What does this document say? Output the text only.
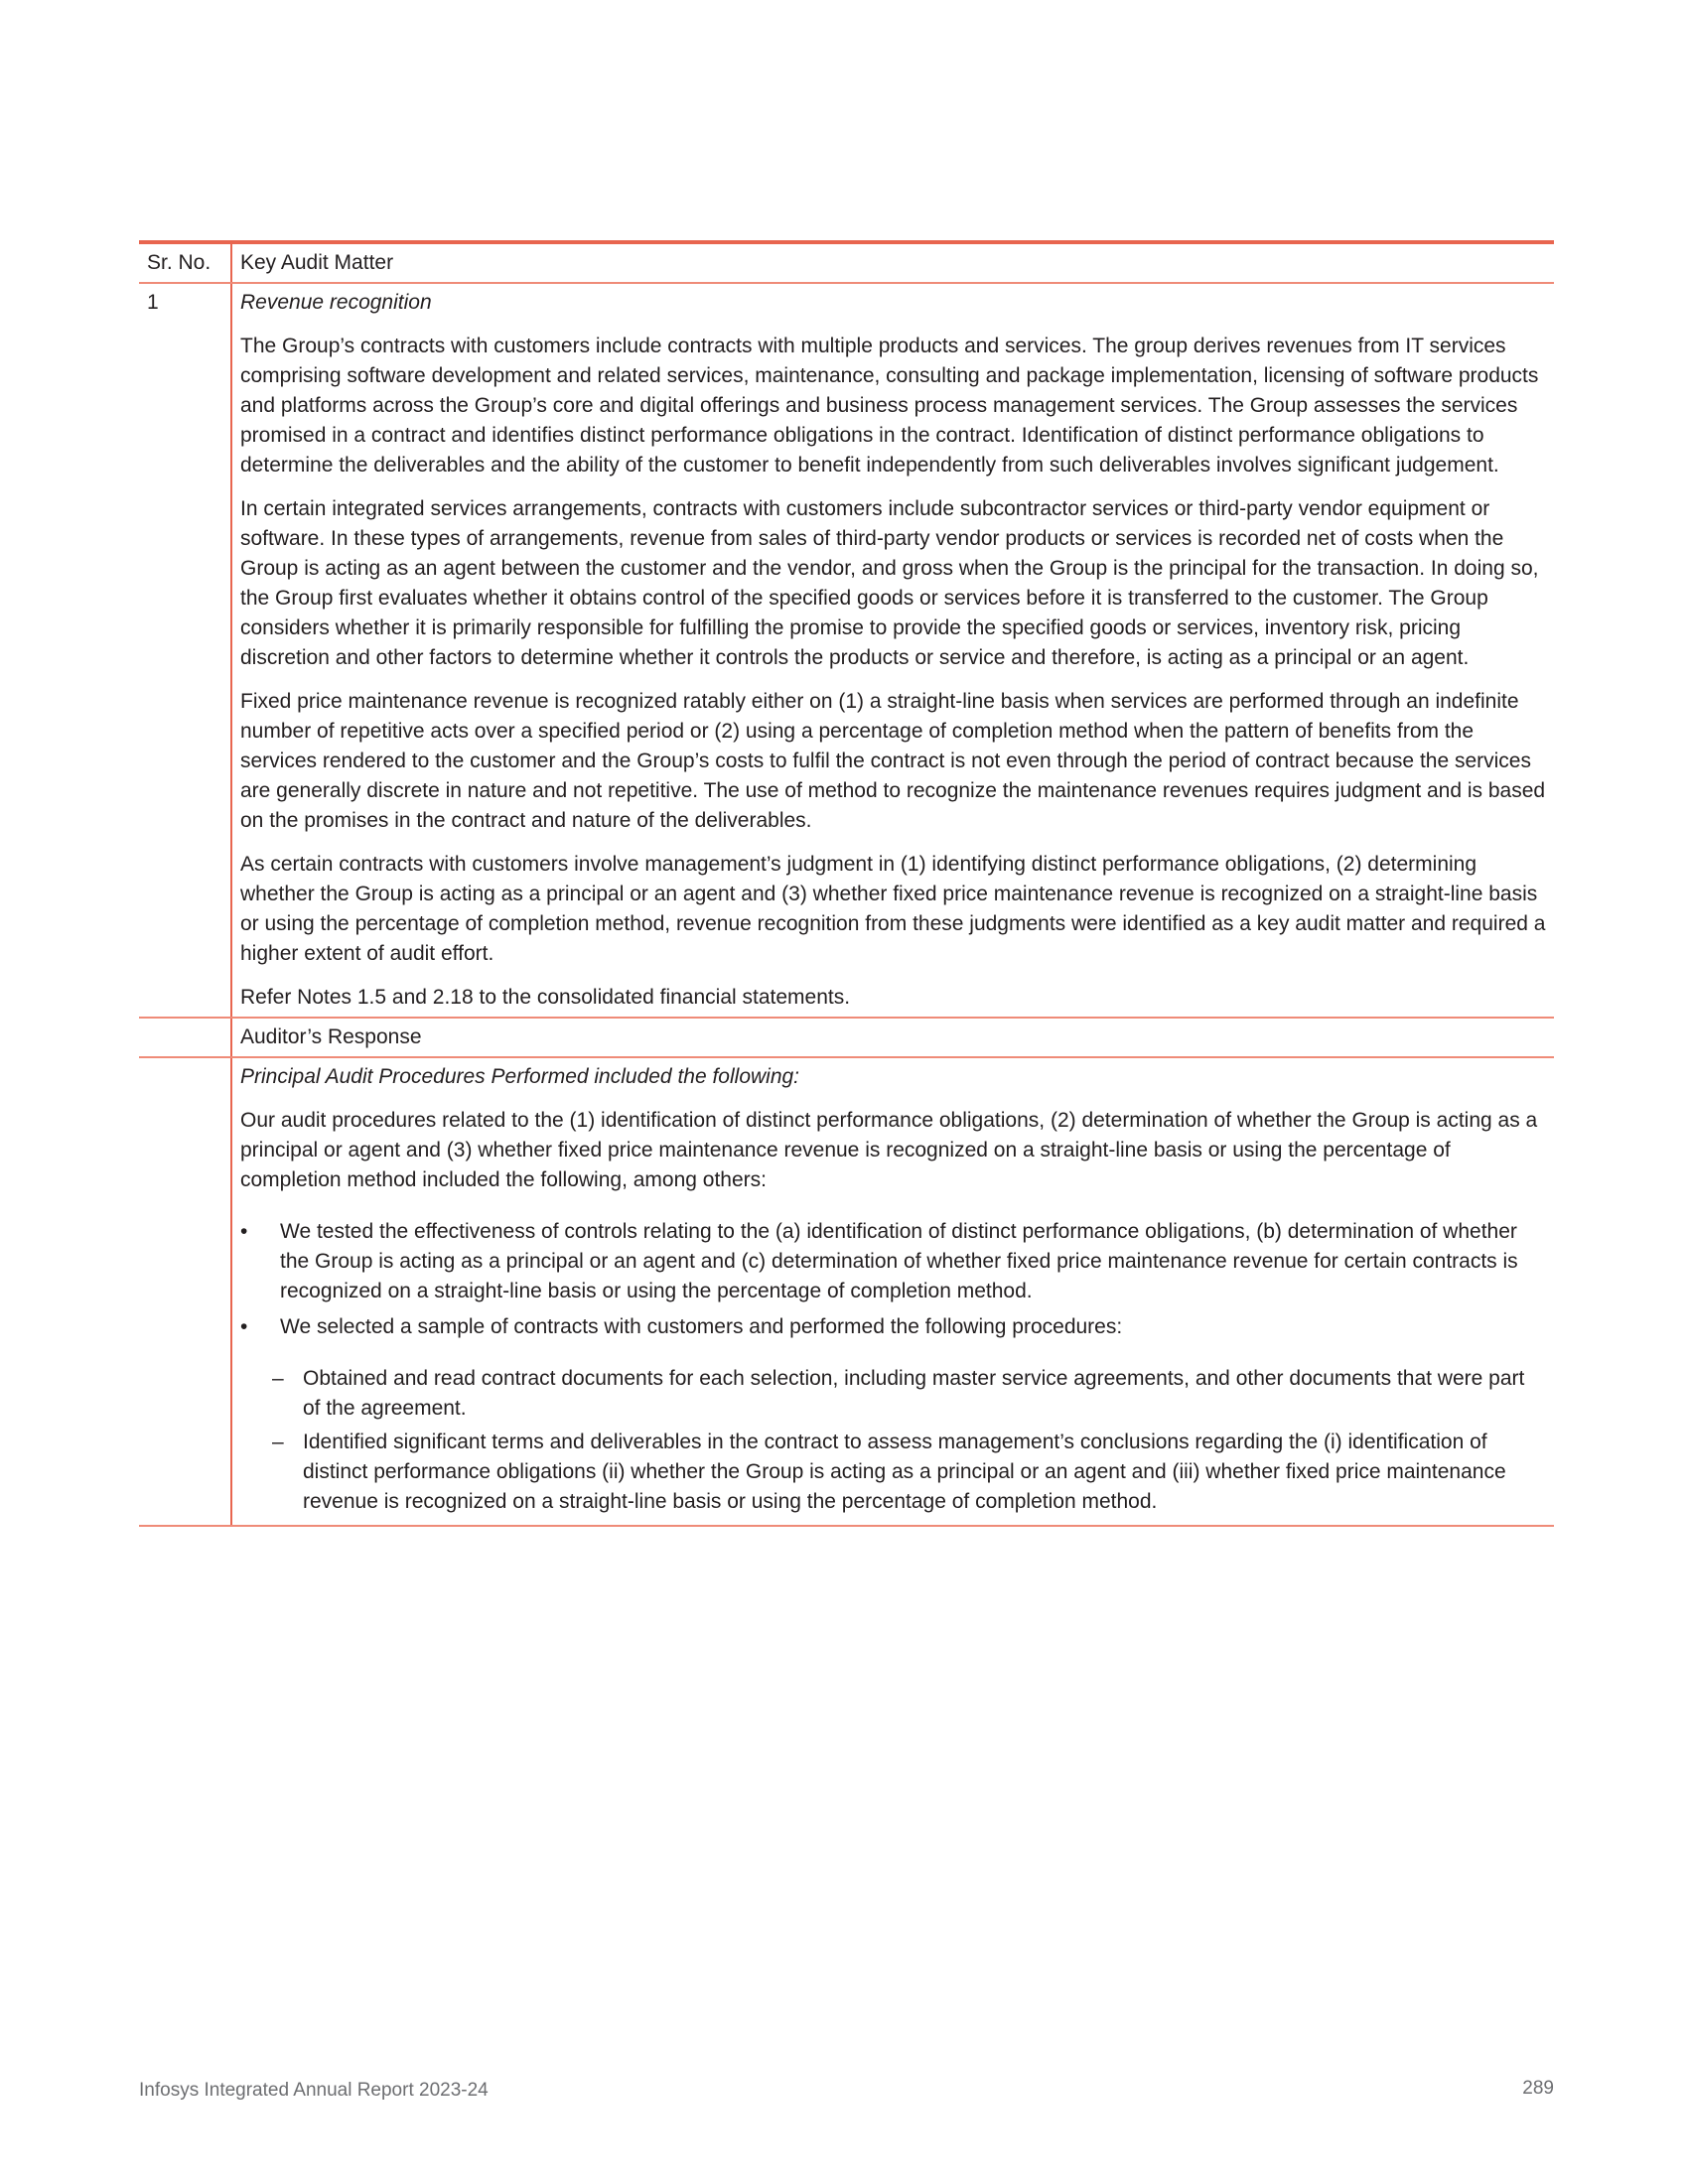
Sr. No.	Key Audit Matter
1	Revenue recognition

The Group’s contracts with customers include contracts with multiple products and services. The group derives revenues from IT services comprising software development and related services, maintenance, consulting and package implementation, licensing of software products and platforms across the Group’s core and digital offerings and business process management services. The Group assesses the services promised in a contract and identifies distinct performance obligations in the contract. Identification of distinct performance obligations to determine the deliverables and the ability of the customer to benefit independently from such deliverables involves significant judgement.

In certain integrated services arrangements, contracts with customers include subcontractor services or third-party vendor equipment or software. In these types of arrangements, revenue from sales of third-party vendor products or services is recorded net of costs when the Group is acting as an agent between the customer and the vendor, and gross when the Group is the principal for the transaction. In doing so, the Group first evaluates whether it obtains control of the specified goods or services before it is transferred to the customer. The Group considers whether it is primarily responsible for fulfilling the promise to provide the specified goods or services, inventory risk, pricing discretion and other factors to determine whether it controls the products or service and therefore, is acting as a principal or an agent.

Fixed price maintenance revenue is recognized ratably either on (1) a straight-line basis when services are performed through an indefinite number of repetitive acts over a specified period or (2) using a percentage of completion method when the pattern of benefits from the services rendered to the customer and the Group’s costs to fulfil the contract is not even through the period of contract because the services are generally discrete in nature and not repetitive. The use of method to recognize the maintenance revenues requires judgment and is based on the promises in the contract and nature of the deliverables.

As certain contracts with customers involve management’s judgment in (1) identifying distinct performance obligations, (2) determining whether the Group is acting as a principal or an agent and (3) whether fixed price maintenance revenue is recognized on a straight-line basis or using the percentage of completion method, revenue recognition from these judgments were identified as a key audit matter and required a higher extent of audit effort.

Refer Notes 1.5 and 2.18 to the consolidated financial statements.

Auditor’s Response

Principal Audit Procedures Performed included the following:

Our audit procedures related to the (1) identification of distinct performance obligations, (2) determination of whether the Group is acting as a principal or agent and (3) whether fixed price maintenance revenue is recognized on a straight-line basis or using the percentage of completion method included the following, among others:

•	We tested the effectiveness of controls relating to the (a) identification of distinct performance obligations, (b) determination of whether the Group is acting as a principal or an agent and (c) determination of whether fixed price maintenance revenue for certain contracts is recognized on a straight-line basis or using the percentage of completion method.
•	We selected a sample of contracts with customers and performed the following procedures:
– Obtained and read contract documents for each selection, including master service agreements, and other documents that were part of the agreement.
– Identified significant terms and deliverables in the contract to assess management’s conclusions regarding the (i) identification of distinct performance obligations (ii) whether the Group is acting as a principal or an agent and (iii) whether fixed price maintenance revenue is recognized on a straight-line basis or using the percentage of completion method.
Infosys Integrated Annual Report 2023-24	289
